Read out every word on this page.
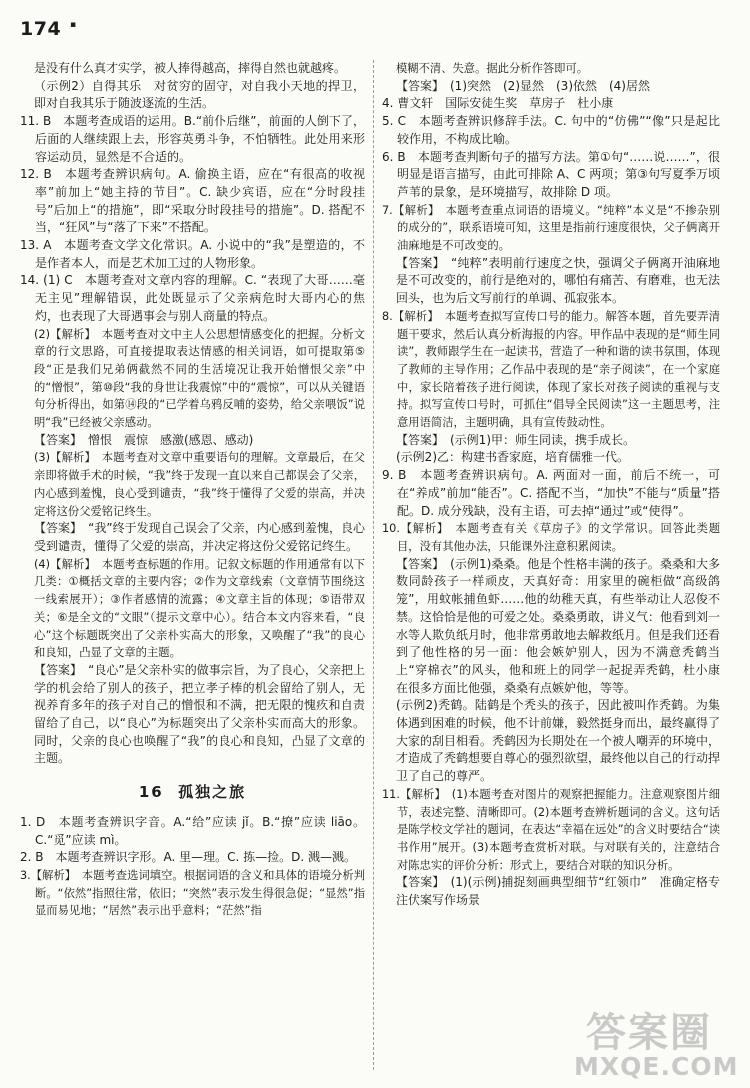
174 ▪

是没有什么真才实学，被人捧得越高，摔得自然也就越疼。

（示例2）自得其乐　对贫穷的固守，对自我小天地的捍卫，即对自我其乐于随波逐流的生活。

11. B　本题考查成语的运用。B.“前仆后继”，前面的人倒下了，后面的人继续跟上去，形容英勇斗争，不怕牺牲。此处用来形容运动员，显然是不合适的。

12. B　本题考查辨识病句。A. 偷换主语，应在“有很高的收视率”前加上“她主持的节目”。C. 缺少宾语，应在“分时段挂号”后加上“的措施”，即“采取分时段挂号的措施”。D. 搭配不当，“狂风”与“落了下来”不搭配。

13. A　本题考查文学文化常识。A. 小说中的“我”是塑造的，不是作者本人，而是艺术加工过的人物形象。

14. (1) C　本题考查对文章内容的理解。C. “表现了大哥……毫无主见”理解错误，此处既显示了父亲病危时大哥内心的焦灼，也表现了大哥遇事会与别人商量的特点。

(2)【解析】　本题考查对文中主人公思想情感变化的把握。分析文章的行文思路，可直接提取表达情感的相关词语，如可提取第⑤段“正是我们兄弟俩截然不同的生活境况让我开始憎恨父亲”中的“憎恨”，第⑩段“我的身世让我震惊”中的“震惊”，可以从关键语句分析得出，如第⑭段的“已学着乌鸦反哺的姿势，给父亲喂饭”说明“我”已经被父亲感动。

【答案】　憎恨　震惊　感激(感恩、感动)

(3)【解析】　本题考查对文章中重要语句的理解。文章最后，在父亲即将做手术的时候，“我”终于发现一直以来自己都误会了父亲，内心感到羞愧，良心受到谴责，“我”终于懂得了父爱的崇高，并决定将这份父爱铭记终生。

【答案】　“我”终于发现自己误会了父亲，内心感到羞愧，良心受到谴责，懂得了父爱的崇高，并决定将这份父爱铭记终生。

(4)【解析】　本题考查标题的作用。记叙文标题的作用通常有以下几类：①概括文章的主要内容；②作为文章线索（文章情节围绕这一线索展开）；③作者感情的流露；④文章主旨的体现；⑤语带双关；⑥是全文的“文眼”（提示文章中心）。结合本文内容来看，“良心”这个标题既突出了父亲朴实高大的形象，又唤醒了“我”的良心和良知，凸显了文章的主题。

【答案】　“良心”是父亲朴实的做事宗旨，为了良心，父亲把上学的机会给了别人的孩子，把立孝子棒的机会留给了别人，无视养育多年的孩子对自己的憎恨和不满，把无限的愧疚和自责留给了自己，以“良心”为标题突出了父亲朴实而高大的形象。同时，父亲的良心也唤醒了“我”的良心和良知，凸显了文章的主题。

16 孤独之旅

1. D　本题考查辨识字音。A.“给”应读 jǐ。B.“撩”应读 liāo。C.“觅”应读 mì。

2. B　本题考查辨识字形。A. 里—理。C. 拣—捡。D. 溅—溅。

3.【解析】　本题考查选词填空。根据词语的含义和具体的语境分析判断。“依然”指照往常，依旧；“突然”表示发生得很急促；“显然”指显而易见地；“居然”表示出乎意料；“茫然”指

模糊不清、失意。据此分析作答即可。

【答案】　(1)突然　(2)显然　(3)依然　(4)居然

4. 曹文轩　国际安徒生奖　草房子　杜小康

5. C　本题考查辨识修辞手法。C. 句中的“仿佛”“像”只是起比较作用，不构成比喻。

6. B　本题考查判断句子的描写方法。第①句“……说……”，很明显是语言描写，由此可排除 A、C 两项；第③句写夏季万顷芦苇的景象，是环境描写，故排除 D 项。

7.【解析】　本题考查重点词语的语境义。“纯粹”本义是“不掺杂别的成分的”，联系语境可知，这里是指前行速度很快，父子俩离开油麻地是不可改变的。

【答案】　“纯粹”表明前行速度之快，强调父子俩离开油麻地是不可改变的，前行是绝对的，哪怕有痛苦、有磨难，也无法回头，也为后文写前行的单调、孤寂张本。

8.【解析】　本题考查拟写宣传口号的能力。解答本题，首先要弄清题干要求，然后认真分析海报的内容。甲作品中表现的是“师生同读”，教师跟学生在一起读书，营造了一种和谐的读书氛围，体现了教师的主导作用；乙作品中表现的是“亲子阅读”，在一个家庭中，家长陪着孩子进行阅读，体现了家长对孩子阅读的重视与支持。拟写宣传口号时，可抓住“倡导全民阅读”这一主题思考，注意用语简洁，主题明确，具有宣传鼓动性。

【答案】　(示例1)甲：师生同读，携手成长。

(示例2)乙：构建书香家庭，培育儒雅一代。

9. B　本题考查辨识病句。A. 两面对一面，前后不统一，可在“养成”前加“能否”。C. 搭配不当，“加快”不能与“质量”搭配。D. 成分残缺，没有主语，可去掉“通过”或“使得”。

10.【解析】　本题考查有关《草房子》的文学常识。回答此类题目，没有其他办法，只能课外注意积累阅读。

【答案】　(示例1)桑桑。他是个性格丰满的孩子。桑桑和大多数同龄孩子一样顽皮，天真好奇：用家里的碗柜做“高级鸽笼”，用蚊帐捕鱼虾……他的幼稚天真，有些举动让人忍俊不禁。这恰恰是他的可爱之处。桑桑勇敢，讲义气：他看到刘一水等人欺负纸月时，他非常勇敢地去解救纸月。但是我们还看到了他性格的另一面：他会嫉妒别人，因为不满意秃鹤当上“穿棉衣”的风头，他和班上的同学一起捉弄秃鹤，杜小康在很多方面比他强，桑桑有点嫉妒他，等等。

(示例2)秃鹤。陆鹤是个秃头的孩子，因此被叫作秃鹤。为集体遇到困难的时候，他不计前嫌，毅然挺身而出，最终赢得了大家的刮目相看。秃鹤因为长期处在一个被人嘲弄的环境中，才造成了秃鹤想要自尊心的强烈欲望，最终他以自己的行动捍卫了自己的尊严。

11.【解析】　(1)本题考查对图片的观察把握能力。注意观察图片细节，表述完整、清晰即可。(2)本题考查辨析题词的含义。这句话是陈学校文学社的题词，在表达“幸福在远处”的含义时要结合“读书作用”展开。(3)本题考查赏析对联。与对联有关的，注意结合对陈忠实的评价分析：形式上，要结合对联的知识分析。

【答案】　(1)(示例)捕捉刻画典型细节“红领巾”　准确定格专注伏案写作场景

答案圈
MXQE.COM
